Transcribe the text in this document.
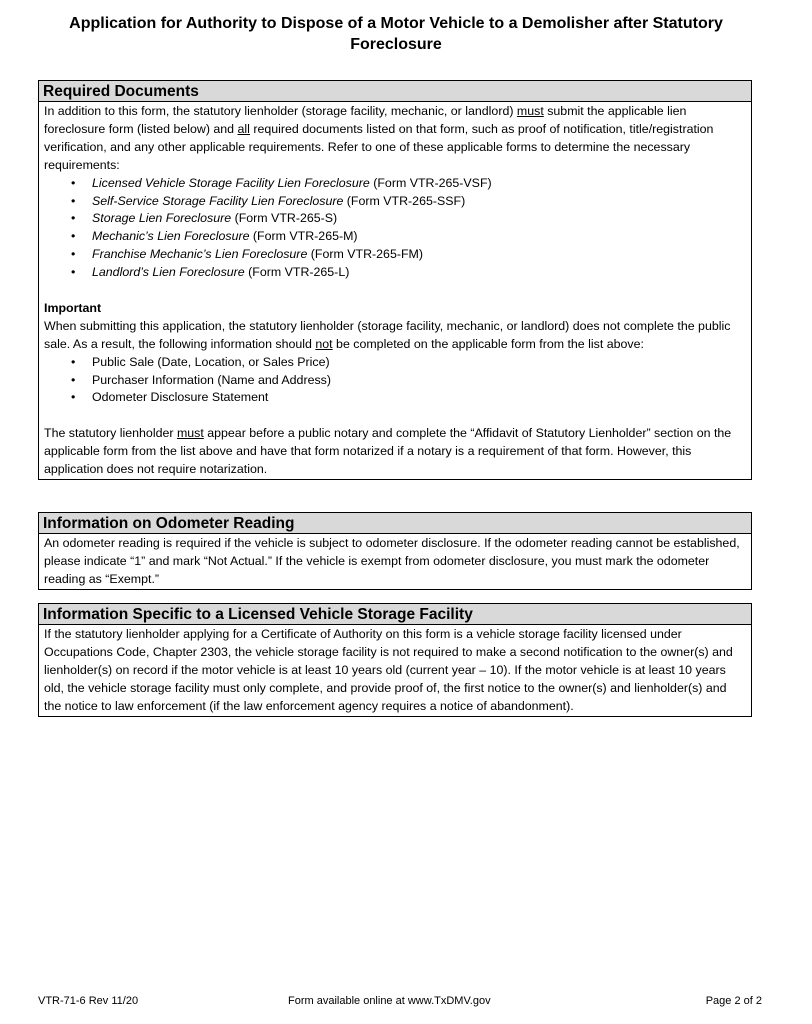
Application for Authority to Dispose of a Motor Vehicle to a Demolisher after Statutory Foreclosure
Required Documents

In addition to this form, the statutory lienholder (storage facility, mechanic, or landlord) must submit the applicable lien foreclosure form (listed below) and all required documents listed on that form, such as proof of notification, title/registration verification, and any other applicable requirements. Refer to one of these applicable forms to determine the necessary requirements:

• Licensed Vehicle Storage Facility Lien Foreclosure (Form VTR-265-VSF)
• Self-Service Storage Facility Lien Foreclosure (Form VTR-265-SSF)
• Storage Lien Foreclosure (Form VTR-265-S)
• Mechanic’s Lien Foreclosure (Form VTR-265-M)
• Franchise Mechanic’s Lien Foreclosure (Form VTR-265-FM)
• Landlord’s Lien Foreclosure (Form VTR-265-L)

Important

When submitting this application, the statutory lienholder (storage facility, mechanic, or landlord) does not complete the public sale. As a result, the following information should not be completed on the applicable form from the list above:

• Public Sale (Date, Location, or Sales Price)
• Purchaser Information (Name and Address)
• Odometer Disclosure Statement

The statutory lienholder must appear before a public notary and complete the “Affidavit of Statutory Lienholder” section on the applicable form from the list above and have that form notarized if a notary is a requirement of that form. However, this application does not require notarization.

Information on Odometer Reading

An odometer reading is required if the vehicle is subject to odometer disclosure. If the odometer reading cannot be established, please indicate “1” and mark “Not Actual.” If the vehicle is exempt from odometer disclosure, you must mark the odometer reading as “Exempt.”

Information Specific to a Licensed Vehicle Storage Facility

If the statutory lienholder applying for a Certificate of Authority on this form is a vehicle storage facility licensed under Occupations Code, Chapter 2303, the vehicle storage facility is not required to make a second notification to the owner(s) and lienholder(s) on record if the motor vehicle is at least 10 years old (current year – 10). If the motor vehicle is at least 10 years old, the vehicle storage facility must only complete, and provide proof of, the first notice to the owner(s) and lienholder(s) and the notice to law enforcement (if the law enforcement agency requires a notice of abandonment).

VTR-71-6 Rev 11/20	Form available online at www.TxDMV.gov	Page 2 of 2
